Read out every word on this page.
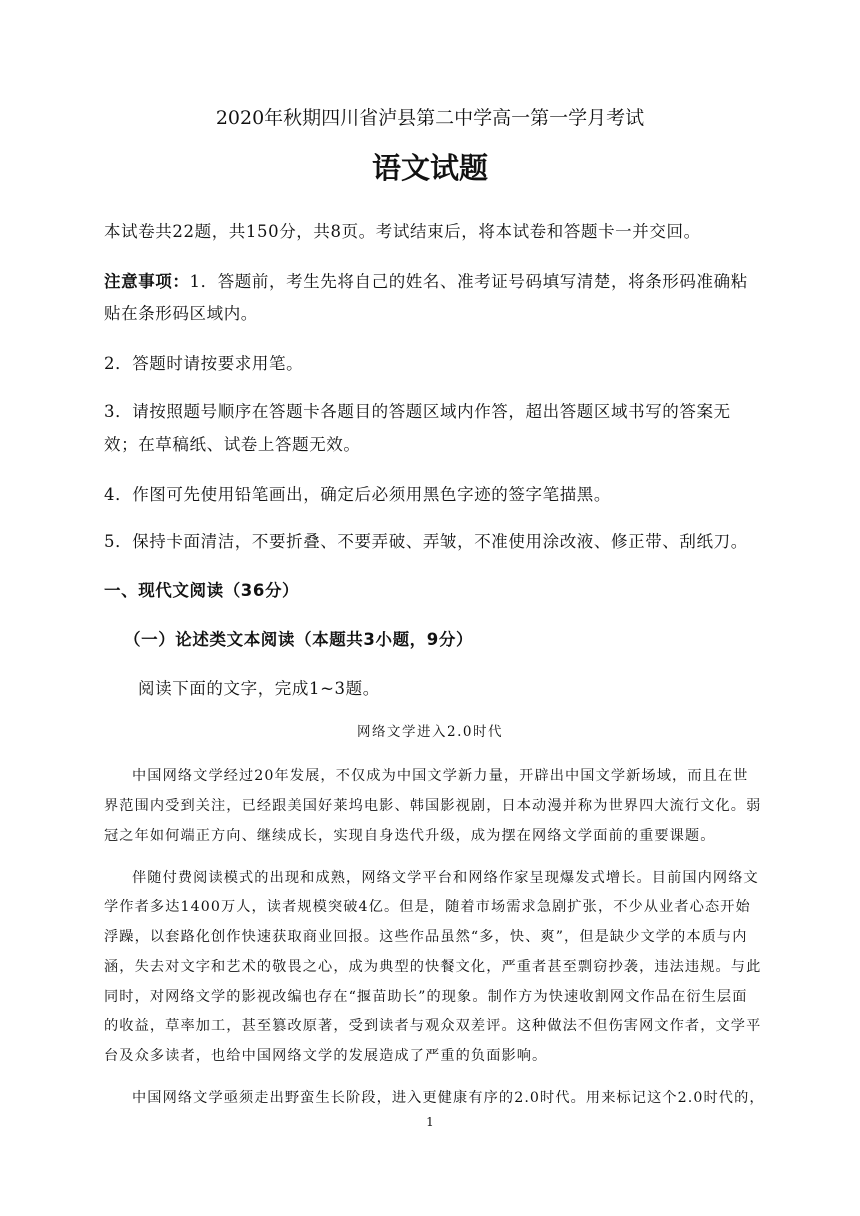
2020年秋期四川省泸县第二中学高一第一学月考试
语文试题
本试卷共22题，共150分，共8页。考试结束后，将本试卷和答题卡一并交回。
注意事项：1．答题前，考生先将自己的姓名、准考证号码填写清楚，将条形码准确粘
贴在条形码区域内。
2．答题时请按要求用笔。
3．请按照题号顺序在答题卡各题目的答题区域内作答，超出答题区域书写的答案无
效；在草稿纸、试卷上答题无效。
4．作图可先使用铅笔画出，确定后必须用黑色字迹的签字笔描黑。
5．保持卡面清洁，不要折叠、不要弄破、弄皱，不准使用涂改液、修正带、刮纸刀。
一、现代文阅读（36分）
（一）论述类文本阅读（本题共3小题，9分）
阅读下面的文字，完成1~3题。
网络文学进入2.0时代
中国网络文学经过20年发展，不仅成为中国文学新力量，开辟出中国文学新场域，而且在世
界范围内受到关注，已经跟美国好莱坞电影、韩国影视剧，日本动漫并称为世界四大流行文化。弱
冠之年如何端正方向、继续成长，实现自身迭代升级，成为摆在网络文学面前的重要课题。
伴随付费阅读模式的出现和成熟，网络文学平台和网络作家呈现爆发式增长。目前国内网络文
学作者多达1400万人，读者规模突破4亿。但是，随着市场需求急剧扩张，不少从业者心态开始
浮躁，以套路化创作快速获取商业回报。这些作品虽然“多，快、爽”，但是缺少文学的本质与内
涵，失去对文字和艺术的敬畏之心，成为典型的快餐文化，严重者甚至剽窃抄袭，违法违规。与此
同时，对网络文学的影视改编也存在“揠苗助长”的现象。制作方为快速收割网文作品在衍生层面
的收益，草率加工，甚至篡改原著，受到读者与观众双差评。这种做法不但伤害网文作者，文学平
台及众多读者，也给中国网络文学的发展造成了严重的负面影响。
中国网络文学亟须走出野蛮生长阶段，进入更健康有序的2.0时代。用来标记这个2.0时代的，
1
